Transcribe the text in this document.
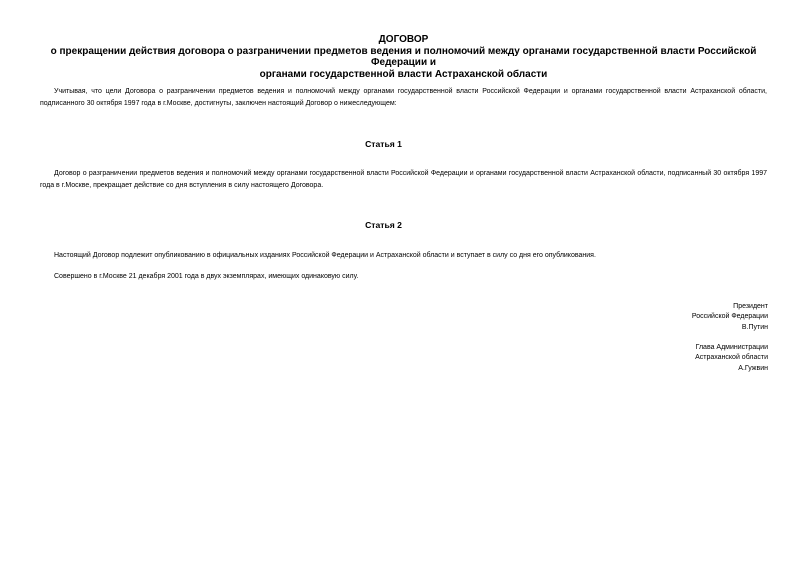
ДОГОВОР
о прекращении действия договора о разграничении предметов ведения и полномочий между органами государственной власти Российской Федерации и
органами государственной власти Астраханской области
Учитывая, что цели Договора о разграничении предметов ведения и полномочий между органами государственной власти Российской Федерации и органами государственной власти Астраханской области, подписанного 30 октября 1997 года в г.Москве, достигнуты, заключен настоящий Договор о нижеследующем:
Статья 1
Договор о разграничении предметов ведения и полномочий между органами государственной власти Российской Федерации и органами государственной власти Астраханской области, подписанный 30 октября 1997 года в г.Москве, прекращает действие со дня вступления в силу настоящего Договора.
Статья 2
Настоящий Договор подлежит опубликованию в официальных изданиях Российской Федерации и Астраханской области и вступает в силу со дня его опубликования.
Совершено в г.Москве 21 декабря 2001 года в двух экземплярах, имеющих одинаковую силу.
Президент
Российской Федерации
В.Путин
Глава Администрации
Астраханской области
А.Гужвин
